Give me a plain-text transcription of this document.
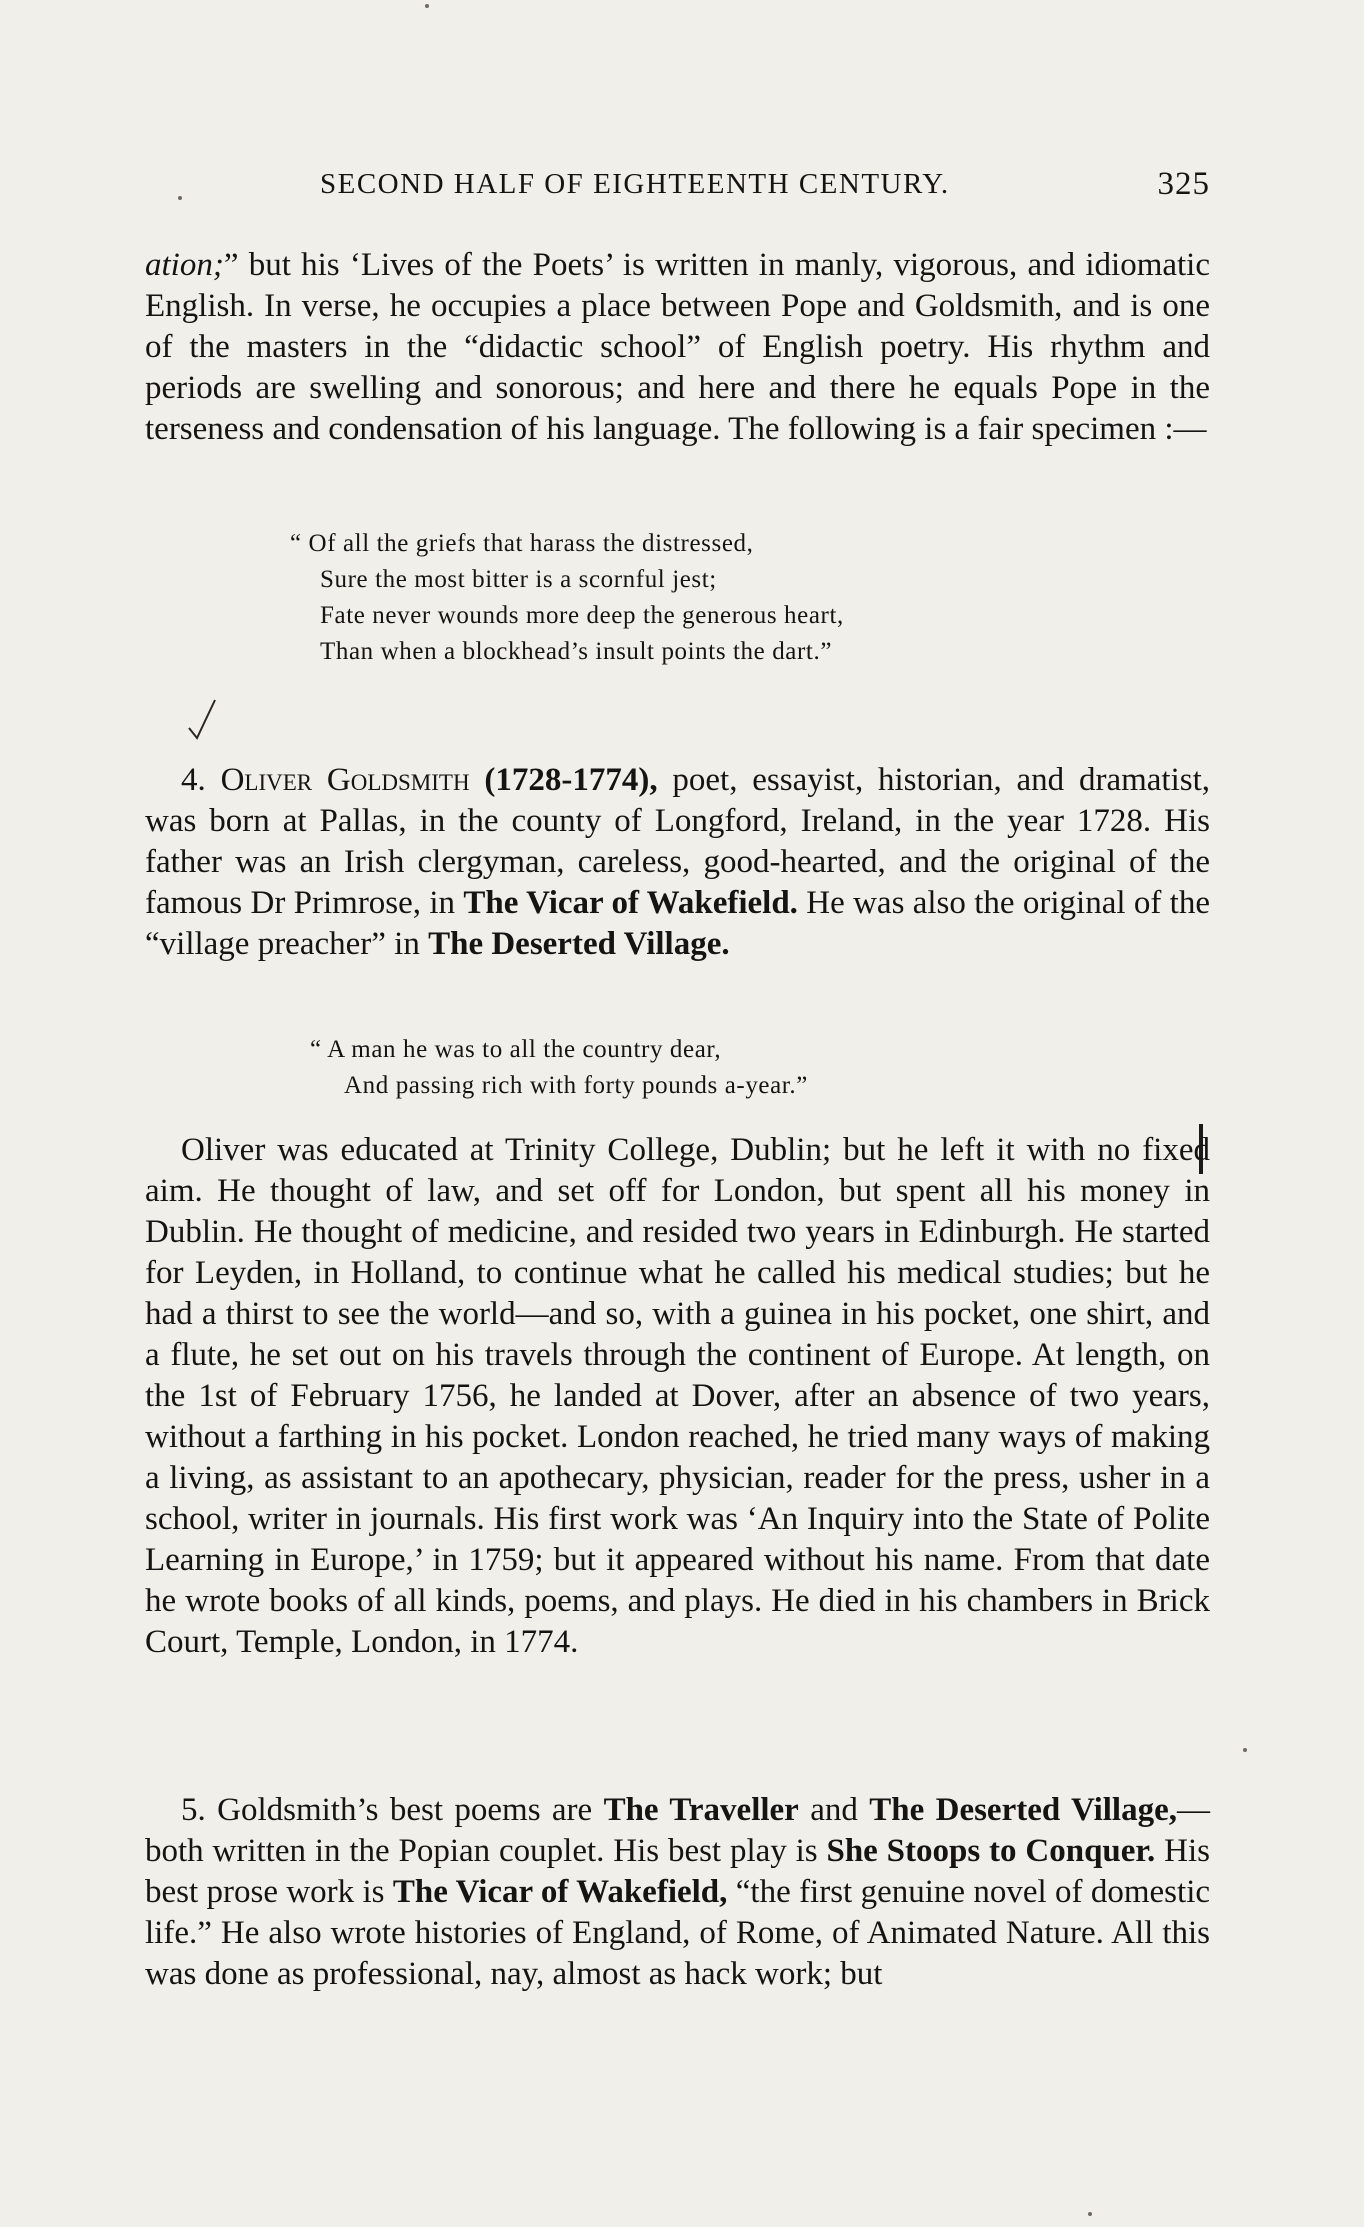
SECOND HALF OF EIGHTEENTH CENTURY.	325
ation;” but his ‘Lives of the Poets’ is written in manly, vigorous, and idiomatic English. In verse, he occupies a place between Pope and Goldsmith, and is one of the masters in the “didactic school” of English poetry. His rhythm and periods are swelling and sonorous; and here and there he equals Pope in the terseness and condensation of his language. The following is a fair specimen :—
“ Of all the griefs that harass the distressed,
Sure the most bitter is a scornful jest;
Fate never wounds more deep the generous heart,
Than when a blockhead’s insult points the dart.”
4. Oliver Goldsmith (1728-1774), poet, essayist, historian, and dramatist, was born at Pallas, in the county of Longford, Ireland, in the year 1728. His father was an Irish clergyman, careless, good-hearted, and the original of the famous Dr Primrose, in The Vicar of Wakefield. He was also the original of the “village preacher” in The Deserted Village.
“ A man he was to all the country dear,
And passing rich with forty pounds a-year.”
Oliver was educated at Trinity College, Dublin; but he left it with no fixed aim. He thought of law, and set off for London, but spent all his money in Dublin. He thought of medicine, and resided two years in Edinburgh. He started for Leyden, in Holland, to continue what he called his medical studies; but he had a thirst to see the world—and so, with a guinea in his pocket, one shirt, and a flute, he set out on his travels through the continent of Europe. At length, on the 1st of February 1756, he landed at Dover, after an absence of two years, without a farthing in his pocket. London reached, he tried many ways of making a living, as assistant to an apothecary, physician, reader for the press, usher in a school, writer in journals. His first work was ‘An Inquiry into the State of Polite Learning in Europe,’ in 1759; but it appeared without his name. From that date he wrote books of all kinds, poems, and plays. He died in his chambers in Brick Court, Temple, London, in 1774.
5. Goldsmith’s best poems are The Traveller and The Deserted Village,—both written in the Popian couplet. His best play is She Stoops to Conquer. His best prose work is The Vicar of Wakefield, “the first genuine novel of domestic life.” He also wrote histories of England, of Rome, of Animated Nature. All this was done as professional, nay, almost as hack work; but
